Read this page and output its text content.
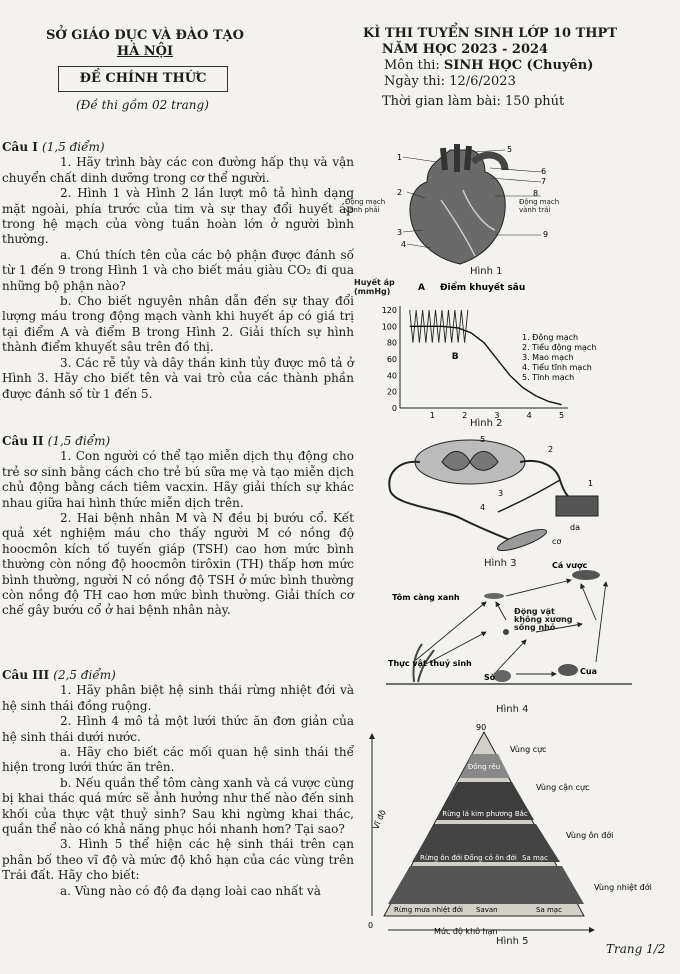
SỞ GIÁO DỤC VÀ ĐÀO TẠO
HÀ NỘI
ĐỀ CHÍNH THỨC
(Đề thi gồm 02 trang)
KÌ THI TUYỂN SINH LỚP 10 THPT
NĂM HỌC 2023 - 2024
Môn thi: SINH HỌC (Chuyên)
Ngày thi: 12/6/2023
Thời gian làm bài: 150 phút

Câu I (1,5 điểm)

1. Hãy trình bày các con đường hấp thụ và vận chuyển chất dinh dưỡng trong cơ thể người.

2. Hình 1 và Hình 2 lần lượt mô tả hình dạng mặt ngoài, phía trước của tim và sự thay đổi huyết áp trong hệ mạch của vòng tuần hoàn lớn ở người bình thường.

a. Chú thích tên của các bộ phận được đánh số từ 1 đến 9 trong Hình 1 và cho biết máu giàu CO₂ đi qua những bộ phận nào?

b. Cho biết nguyên nhân dẫn đến sự thay đổi lượng máu trong động mạch vành khi huyết áp có giá trị tại điểm A và điểm B trong Hình 2. Giải thích sự hình thành điểm khuyết sâu trên đồ thị.

3. Các rễ tủy và dây thần kinh tủy được mô tả ở Hình 3. Hãy cho biết tên và vai trò của các thành phần được đánh số từ 1 đến 5.

Câu II (1,5 điểm)

1. Con người có thể tạo miễn dịch thụ động cho trẻ sơ sinh bằng cách cho trẻ bú sữa mẹ và tạo miễn dịch chủ động bằng cách tiêm vacxin. Hãy giải thích sự khác nhau giữa hai hình thức miễn dịch trên.

2. Hai bệnh nhân M và N đều bị bướu cổ. Kết quả xét nghiệm máu cho thấy người M có nồng độ hoocmôn kích tố tuyến giáp (TSH) cao hơn mức bình thường còn nồng độ hoocmôn tirôxin (TH) thấp hơn mức bình thường, người N có nồng độ TSH ở mức bình thường còn nồng độ TH cao hơn mức bình thường. Giải thích cơ chế gây bướu cổ ở hai bệnh nhân này.

Câu III (2,5 điểm)

1. Hãy phân biệt hệ sinh thái rừng nhiệt đới và hệ sinh thái đồng ruộng.

2. Hình 4 mô tả một lưới thức ăn đơn giản của hệ sinh thái dưới nước.

a. Hãy cho biết các mối quan hệ sinh thái thể hiện trong lưới thức ăn trên.

b. Nếu quần thể tôm càng xanh và cá vược cùng bị khai thác quá mức sẽ ảnh hưởng như thế nào đến sinh khối của thực vật thuỷ sinh? Sau khi ngừng khai thác, quần thể nào có khả năng phục hồi nhanh hơn? Tại sao?

3. Hình 5 thể hiện các hệ sinh thái trên cạn phân bố theo vĩ độ và mức độ khô hạn của các vùng trên Trái đất. Hãy cho biết:

a. Vùng nào có độ đa dạng loài cao nhất và

1
2
3
4
5
6
7
8
9
Động mạch vành phải
Động mạch vành trái
Hình 1
Huyết áp (mmHg)	A Điểm khuyết sâu
0
20
40
60
80
100
120
1	2	3	4	5
B
1. Động mạch
2. Tiểu động mạch
3. Mao mạch
4. Tiểu tĩnh mạch
5. Tĩnh mạch
Hình 2
5
2
1
3
4
da
cơ
Hình 3	Cá vược
Tôm càng xanh
Thực vật thuỷ sinh
Sò
Cua
Động vật không xương sống nhỏ
Hình 4
Đồng rêu
Rừng lá kim phương Bắc
Rừng ôn đới Đồng cỏ ôn đới Sa mạc
Rừng mưa nhiệt đới Savan	Sa mạc
Vùng cực
Vùng cận cực
Vùng ôn đới
Vùng nhiệt đới
90
0
Mức độ khô hạn
Vĩ độ
Hình 5
Trang 1/2
